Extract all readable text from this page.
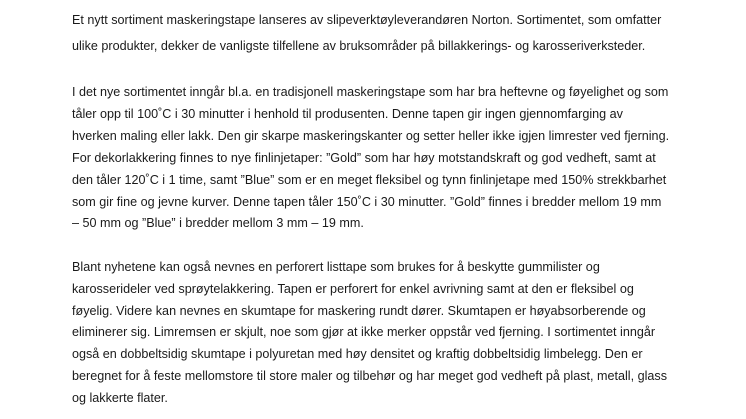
Et nytt sortiment maskeringstape lanseres av slipeverktøyleverandøren Norton. Sortimentet, som omfatter
ulike produkter, dekker de vanligste tilfellene av bruksområder på billakkerings- og karosseriverksteder.
I det nye sortimentet inngår bl.a. en tradisjonell maskeringstape som har bra heftevne og føyelighet og som
tåler opp til 100˚C i 30 minutter i henhold til produsenten. Denne tapen gir ingen gjennomfarging av
hverken maling eller lakk. Den gir skarpe maskeringskanter og setter heller ikke igjen limrester ved fjerning.
For dekorlakkering finnes to nye finlinjetaper: ”Gold” som har høy motstandskraft og god vedheft, samt at
den tåler 120˚C i 1 time, samt ”Blue” som er en meget fleksibel og tynn finlinjetape med 150% strekkbarhet
som gir fine og jevne kurver. Denne tapen tåler 150˚C i 30 minutter. ”Gold” finnes i bredder mellom 19 mm
– 50 mm og ”Blue” i bredder mellom 3 mm – 19 mm.
Blant nyhetene kan også nevnes en perforert listtape som brukes for å beskytte gummilister og
karosserideler ved sprøytelakkering. Tapen er perforert for enkel avrivning samt at den er fleksibel og
føyelig. Videre kan nevnes en skumtape for maskering rundt dører. Skumtapen er høyabsorberende og
eliminerer sig. Limremsen er skjult, noe som gjør at ikke merker oppstår ved fjerning. I sortimentet inngår
også en dobbeltsidig skumtape i polyuretan med høy densitet og kraftig dobbeltsidig limbelegg. Den er
beregnet for å feste mellomstore til store maler og tilbehør og har meget god vedheft på plast, metall, glass
og lakkerte flater.
